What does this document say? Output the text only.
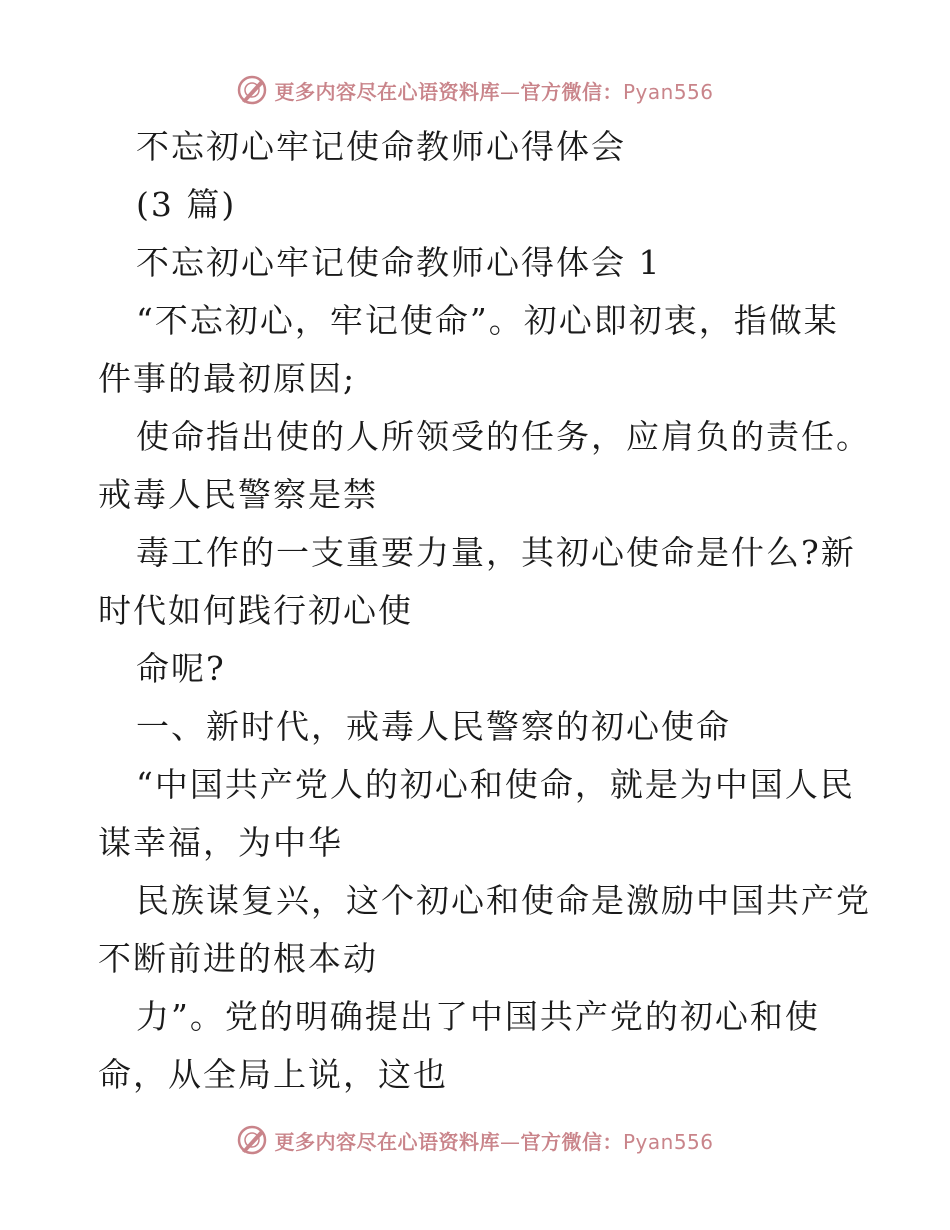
更多内容尽在心语资料库—官方微信：Pyan556
不忘初心牢记使命教师心得体会
(3 篇)
不忘初心牢记使命教师心得体会 1
“不忘初心，牢记使命”。初心即初衷，指做某
件事的最初原因;
使命指出使的人所领受的任务，应肩负的责任。
戒毒人民警察是禁
毒工作的一支重要力量，其初心使命是什么?新
时代如何践行初心使
命呢?
一、新时代，戒毒人民警察的初心使命
“中国共产党人的初心和使命，就是为中国人民
谋幸福，为中华
民族谋复兴，这个初心和使命是激励中国共产党
不断前进的根本动
力”。党的明确提出了中国共产党的初心和使
命，从全局上说，这也
更多内容尽在心语资料库—官方微信：Pyan556
